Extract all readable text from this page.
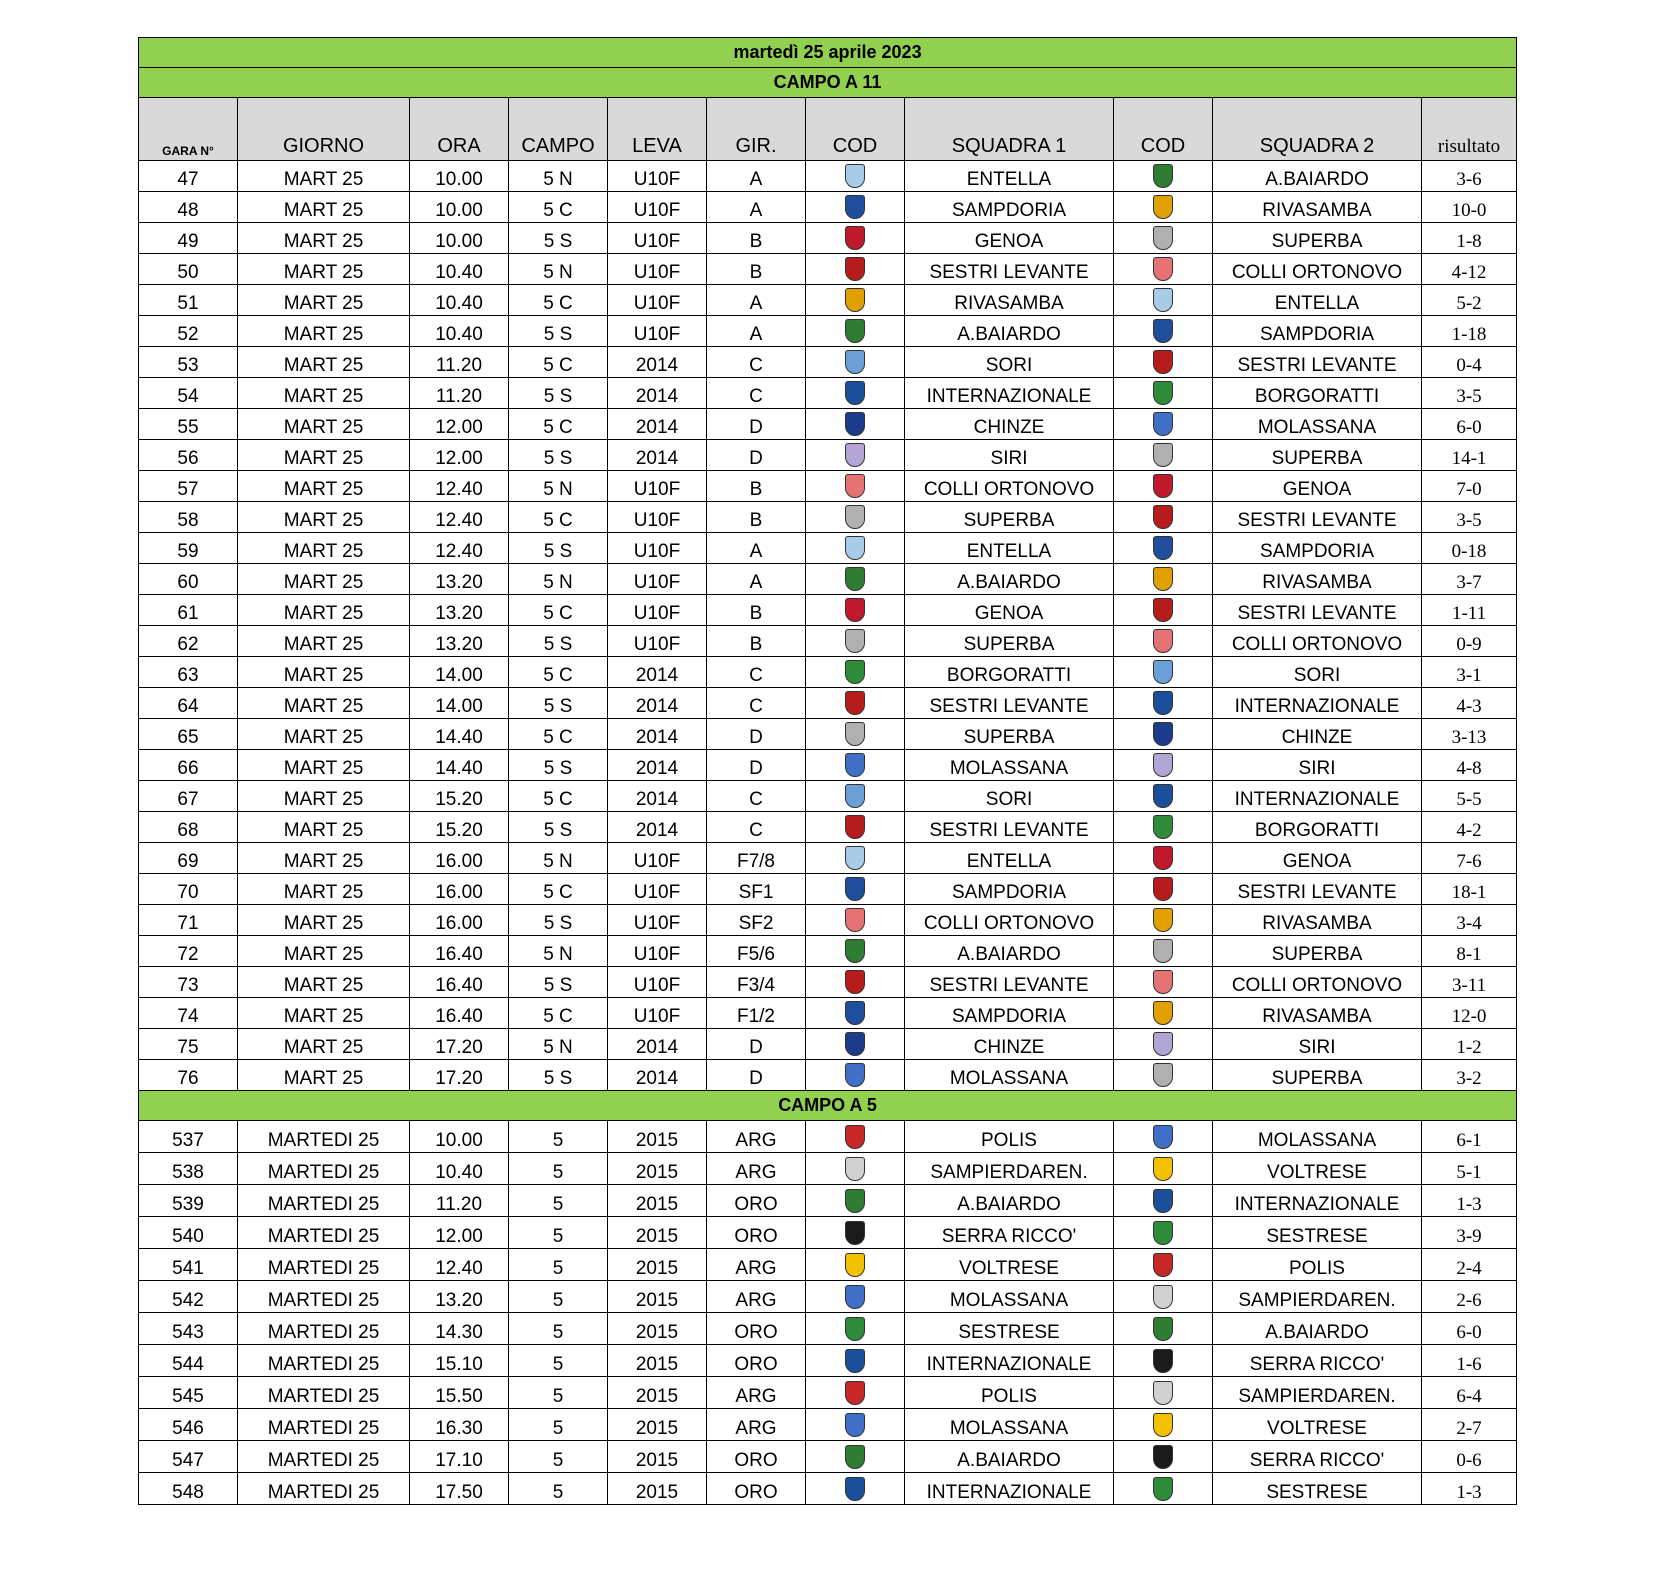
martedì 25 aprile 2023										
CAMPO A 11										
GARA N°	GIORNO	ORA	CAMPO	LEVA	GIR.	COD	SQUADRA 1	COD	SQUADRA 2	risultato
47	MART 25	10.00	5 N	U10F	A		ENTELLA		A.BAIARDO	3-6
48	MART 25	10.00	5 C	U10F	A		SAMPDORIA		RIVASAMBA	10-0
49	MART 25	10.00	5 S	U10F	B		GENOA		SUPERBA	1-8
50	MART 25	10.40	5 N	U10F	B		SESTRI LEVANTE		COLLI ORTONOVO	4-12
51	MART 25	10.40	5 C	U10F	A		RIVASAMBA		ENTELLA	5-2
52	MART 25	10.40	5 S	U10F	A		A.BAIARDO		SAMPDORIA	1-18
53	MART 25	11.20	5 C	2014	C		SORI		SESTRI LEVANTE	0-4
54	MART 25	11.20	5 S	2014	C		INTERNAZIONALE		BORGORATTI	3-5
55	MART 25	12.00	5 C	2014	D		CHINZE		MOLASSANA	6-0
56	MART 25	12.00	5 S	2014	D		SIRI		SUPERBA	14-1
57	MART 25	12.40	5 N	U10F	B		COLLI ORTONOVO		GENOA	7-0
58	MART 25	12.40	5 C	U10F	B		SUPERBA		SESTRI LEVANTE	3-5
59	MART 25	12.40	5 S	U10F	A		ENTELLA		SAMPDORIA	0-18
60	MART 25	13.20	5 N	U10F	A		A.BAIARDO		RIVASAMBA	3-7
61	MART 25	13.20	5 C	U10F	B		GENOA		SESTRI LEVANTE	1-11
62	MART 25	13.20	5 S	U10F	B		SUPERBA		COLLI ORTONOVO	0-9
63	MART 25	14.00	5 C	2014	C		BORGORATTI		SORI	3-1
64	MART 25	14.00	5 S	2014	C		SESTRI LEVANTE		INTERNAZIONALE	4-3
65	MART 25	14.40	5 C	2014	D		SUPERBA		CHINZE	3-13
66	MART 25	14.40	5 S	2014	D		MOLASSANA		SIRI	4-8
67	MART 25	15.20	5 C	2014	C		SORI		INTERNAZIONALE	5-5
68	MART 25	15.20	5 S	2014	C		SESTRI LEVANTE		BORGORATTI	4-2
69	MART 25	16.00	5 N	U10F	F7/8		ENTELLA		GENOA	7-6
70	MART 25	16.00	5 C	U10F	SF1		SAMPDORIA		SESTRI LEVANTE	18-1
71	MART 25	16.00	5 S	U10F	SF2		COLLI ORTONOVO		RIVASAMBA	3-4
72	MART 25	16.40	5 N	U10F	F5/6		A.BAIARDO		SUPERBA	8-1
73	MART 25	16.40	5 S	U10F	F3/4		SESTRI LEVANTE		COLLI ORTONOVO	3-11
74	MART 25	16.40	5 C	U10F	F1/2		SAMPDORIA		RIVASAMBA	12-0
75	MART 25	17.20	5 N	2014	D		CHINZE		SIRI	1-2
76	MART 25	17.20	5 S	2014	D		MOLASSANA		SUPERBA	3-2
CAMPO A 5										
537	MARTEDI 25	10.00	5	2015	ARG		POLIS		MOLASSANA	6-1
538	MARTEDI 25	10.40	5	2015	ARG		SAMPIERDAREN.		VOLTRESE	5-1
539	MARTEDI 25	11.20	5	2015	ORO		A.BAIARDO		INTERNAZIONALE	1-3
540	MARTEDI 25	12.00	5	2015	ORO		SERRA RICCO'		SESTRESE	3-9
541	MARTEDI 25	12.40	5	2015	ARG		VOLTRESE		POLIS	2-4
542	MARTEDI 25	13.20	5	2015	ARG		MOLASSANA		SAMPIERDAREN.	2-6
543	MARTEDI 25	14.30	5	2015	ORO		SESTRESE		A.BAIARDO	6-0
544	MARTEDI 25	15.10	5	2015	ORO		INTERNAZIONALE		SERRA RICCO'	1-6
545	MARTEDI 25	15.50	5	2015	ARG		POLIS		SAMPIERDAREN.	6-4
546	MARTEDI 25	16.30	5	2015	ARG		MOLASSANA		VOLTRESE	2-7
547	MARTEDI 25	17.10	5	2015	ORO		A.BAIARDO		SERRA RICCO'	0-6
548	MARTEDI 25	17.50	5	2015	ORO		INTERNAZIONALE		SESTRESE	1-3
